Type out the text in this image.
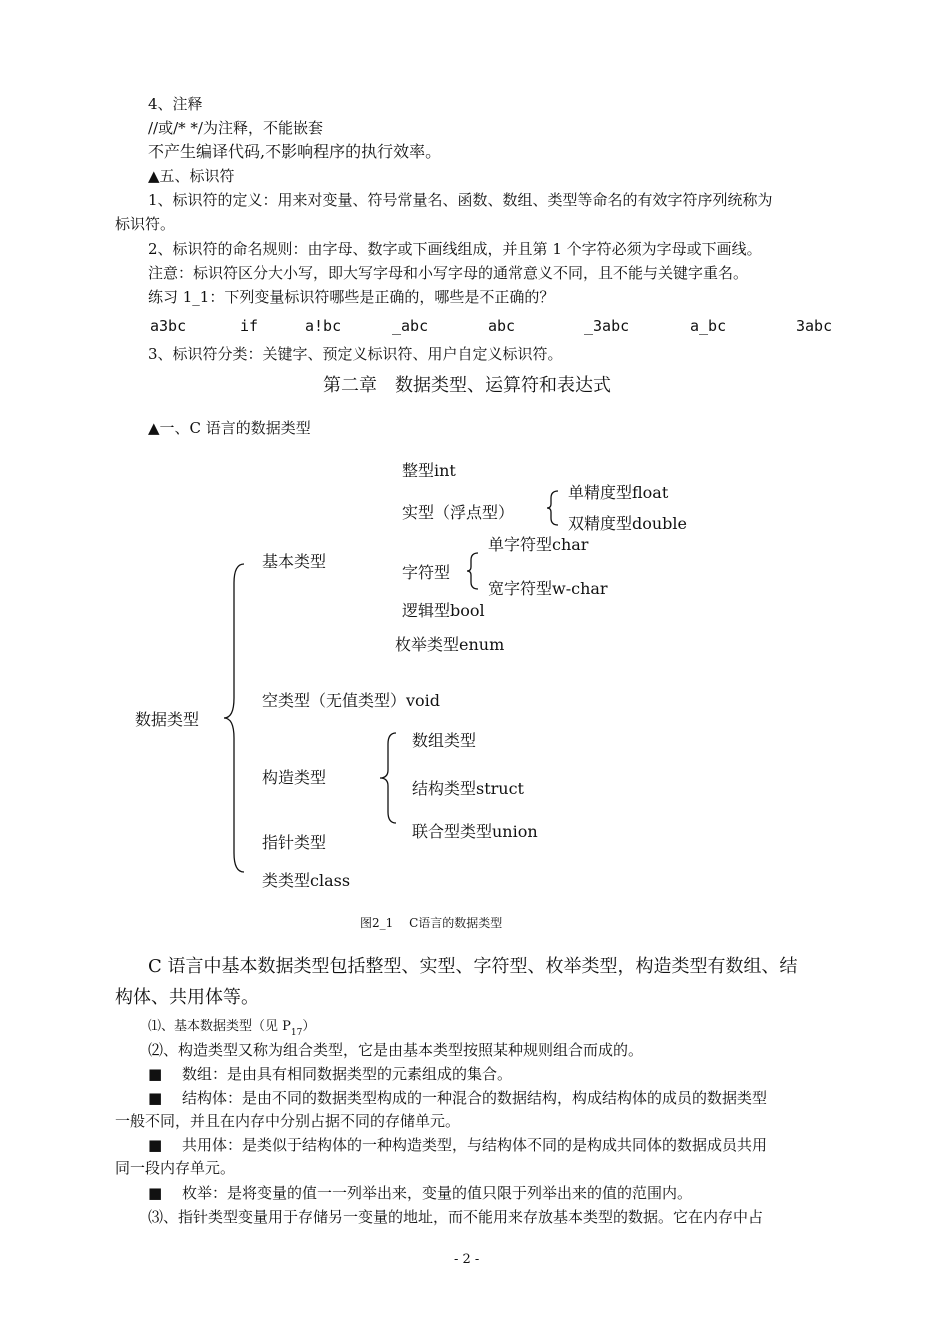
4、注释
//或/* */为注释，不能嵌套
不产生编译代码,不影响程序的执行效率。
▲五、标识符
1、标识符的定义：用来对变量、符号常量名、函数、数组、类型等命名的有效字符序列统称为
标识符。
2、标识符的命名规则：由字母、数字或下画线组成，并且第 1 个字符必须为字母或下画线。
注意：标识符区分大小写，即大写字母和小写字母的通常意义不同，且不能与关键字重名。
练习 1_1：下列变量标识符哪些是正确的，哪些是不正确的？
a3bc	if	a!bc	_abc	abc	_3abc	a_bc	3abc
3、标识符分类：关键字、预定义标识符、用户自定义标识符。
第二章　数据类型、运算符和表达式
▲一、C 语言的数据类型
整型int
实型（浮点型）
单精度型float
双精度型double
字符型
单字符型char
宽字符型w-char
逻辑型bool
枚举类型enum
基本类型
数据类型
空类型（无值类型）void
构造类型
数组类型
结构类型struct
联合型类型union
指针类型
类类型class
图2_1　 C语言的数据类型
C 语言中基本数据类型包括整型、实型、字符型、枚举类型，构造类型有数组、结
构体、共用体等。
⑴、基本数据类型（见 $P_{17}$）
⑵、构造类型又称为组合类型，它是由基本类型按照某种规则组合而成的。
■　 数组：是由具有相同数据类型的元素组成的集合。
■　 结构体：是由不同的数据类型构成的一种混合的数据结构，构成结构体的成员的数据类型
一般不同，并且在内存中分别占据不同的存储单元。
■　 共用体：是类似于结构体的一种构造类型，与结构体不同的是构成共同体的数据成员共用
同一段内存单元。
■　 枚举：是将变量的值一一列举出来，变量的值只限于列举出来的值的范围内。
⑶、指针类型变量用于存储另一变量的地址，而不能用来存放基本类型的数据。它在内存中占
- 2 -
